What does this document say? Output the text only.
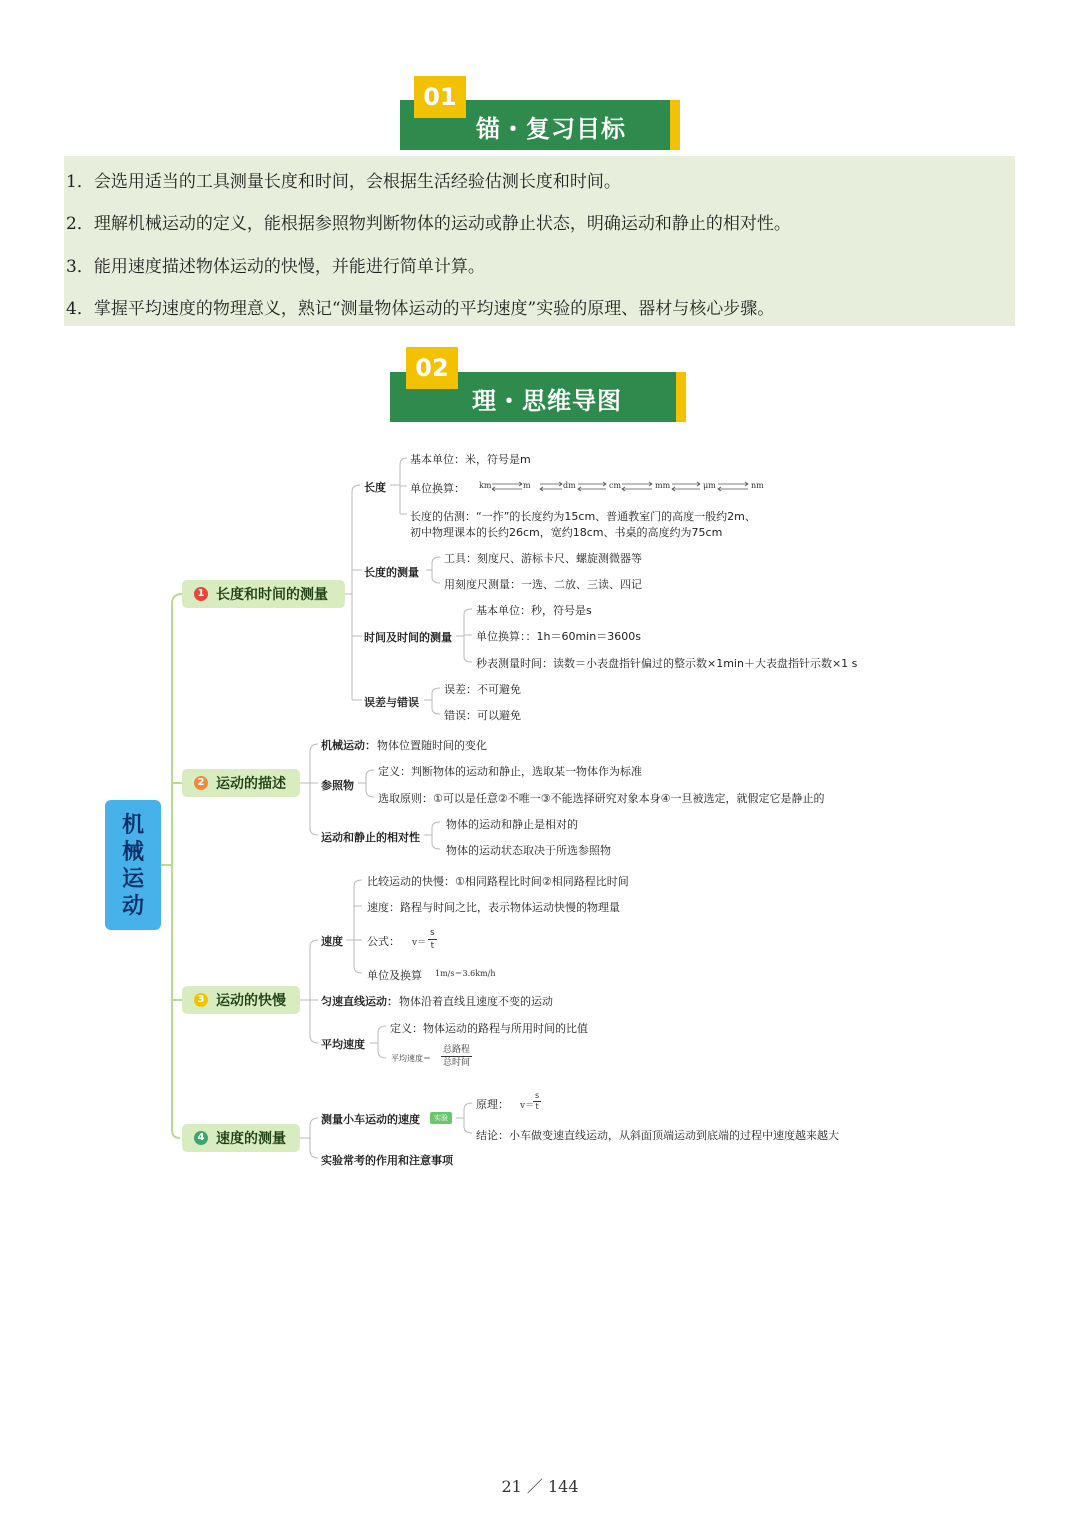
锚・复习目标
01
1．会选用适当的工具测量长度和时间，会根据生活经验估测长度和时间。
2．理解机械运动的定义，能根据参照物判断物体的运动或静止状态，明确运动和静止的相对性。
3．能用速度描述物体运动的快慢，并能进行简单计算。
4．掌握平均速度的物理意义，熟记“测量物体运动的平均速度”实验的原理、器材与核心步骤。
理・思维导图
02
机械运动
1 长度和时间的测量
长度
基本单位：米，符号是m
单位换算： km	m	dm	cm	mm	μm	nm
长度的估测：“一拃”的长度约为15cm、普通教室门的高度一般约2m、
初中物理课本的长约26cm，宽约18cm、书桌的高度约为75cm
长度的测量
工具：刻度尺、游标卡尺、螺旋测微器等
用刻度尺测量：一选、二放、三读、四记
时间及时间的测量
基本单位：秒，符号是s
单位换算：：1h＝60min＝3600s
秒表测量时间：读数＝小表盘指针偏过的整示数×1min＋大表盘指针示数×1 s
误差与错误
误差：不可避免
错误：可以避免
2 运动的描述
机械运动： 物体位置随时间的变化
参照物
定义：判断物体的运动和静止，选取某一物体作为标准
选取原则：①可以是任意②不唯一③不能选择研究对象本身④一旦被选定，就假定它是静止的
运动和静止的相对性
物体的运动和静止是相对的
物体的运动状态取决于所选参照物
3 运动的快慢
比较运动的快慢：①相同路程比时间②相同路程比时间
速度
速度：路程与时间之比，表示物体运动快慢的物理量
公式： $v= \frac{s}{t}$
单位及换算 1m/s＝3.6km/h
匀速直线运动： 物体沿着直线且速度不变的运动
平均速度
定义：物体运动的路程与所用时间的比值
平均速度＝
总路程
总时间
4 速度的测量
测量小车运动的速度	实验
原理： v＝
$\frac{s}{t}$
结论：小车做变速直线运动，从斜面顶端运动到底端的过程中速度越来越大
实验常考的作用和注意事项
21 ／ 144
